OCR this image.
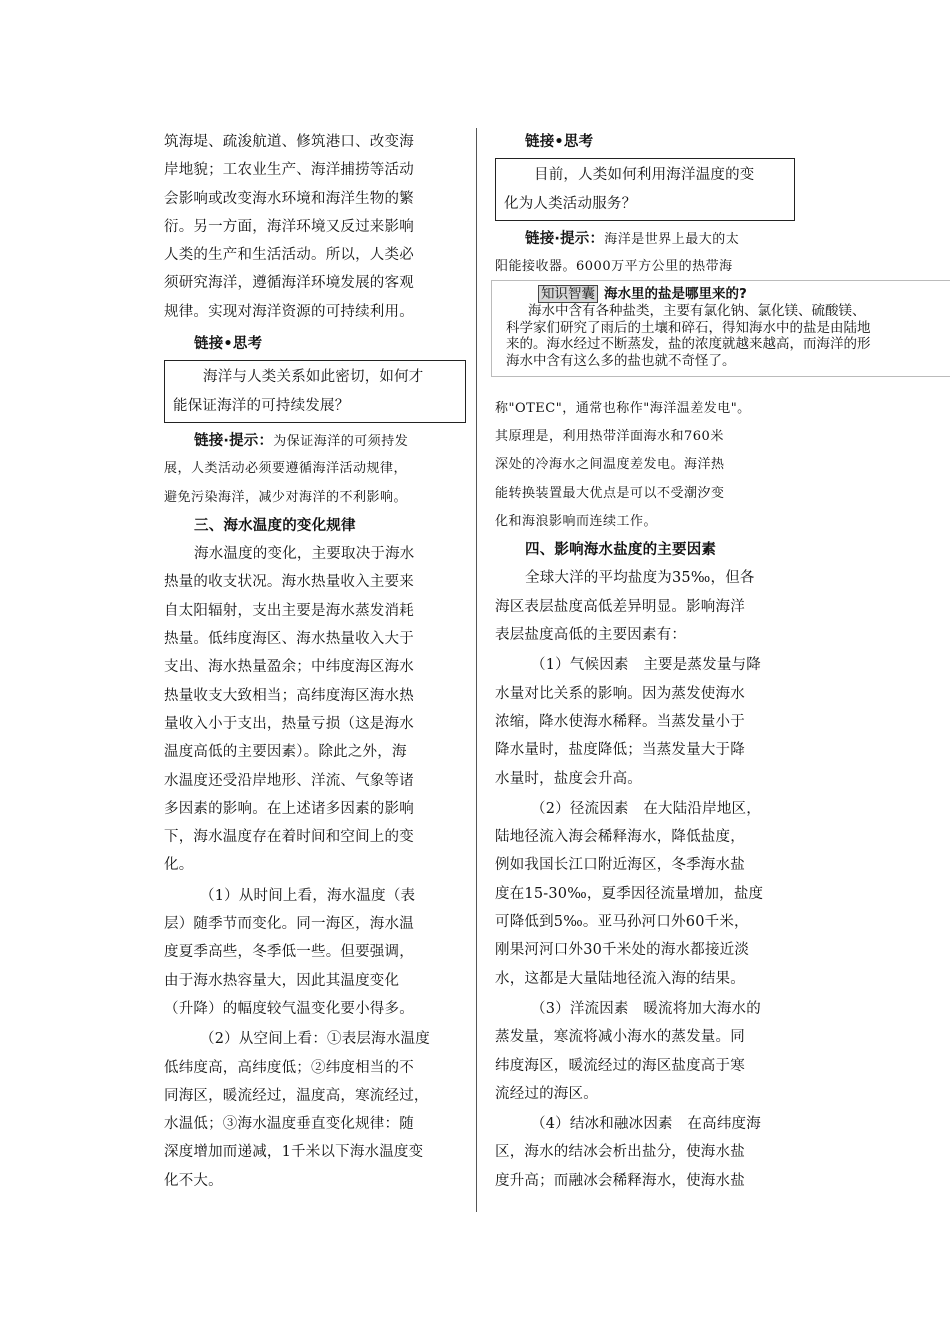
筑海堤、疏浚航道、修筑港口、改变海
岸地貌；工农业生产、海洋捕捞等活动
会影响或改变海水环境和海洋生物的繁
衍。另一方面，海洋环境又反过来影响
人类的生产和生活活动。所以，人类必
须研究海洋，遵循海洋环境发展的客观
规律。实现对海洋资源的可持续利用。
链接•思考
海洋与人类关系如此密切，如何才
能保证海洋的可持续发展？
链接·提示：为保证海洋的可须持发
展，人类活动必须要遵循海洋活动规律，
避免污染海洋，减少对海洋的不利影响。
三、海水温度的变化规律
海水温度的变化，主要取决于海水
热量的收支状况。海水热量收入主要来
自太阳辐射，支出主要是海水蒸发消耗
热量。低纬度海区、海水热量收入大于
支出、海水热量盈余；中纬度海区海水
热量收支大致相当；高纬度海区海水热
量收入小于支出，热量亏损（这是海水
温度高低的主要因素）。除此之外，海
水温度还受沿岸地形、洋流、气象等诸
多因素的影响。在上述诸多因素的影响
下，海水温度存在着时间和空间上的变
化。
（1）从时间上看，海水温度（表
层）随季节而变化。同一海区，海水温
度夏季高些，冬季低一些。但要强调，
由于海水热容量大，因此其温度变化
（升降）的幅度较气温变化要小得多。
（2）从空间上看：①表层海水温度
低纬度高，高纬度低；②纬度相当的不
同海区，暖流经过，温度高，寒流经过，
水温低；③海水温度垂直变化规律：随
深度增加而递减，1千米以下海水温度变
化不大。
链接•思考
目前，人类如何利用海洋温度的变
化为人类活动服务？
链接·提示：海洋是世界上最大的太
阳能接收器。6000万平方公里的热带海
称"OTEC"，通常也称作"海洋温差发电"。
其原理是，利用热带洋面海水和760米
深处的冷海水之间温度差发电。海洋热
能转换装置最大优点是可以不受潮汐变
化和海浪影响而连续工作。
四、影响海水盐度的主要因素
全球大洋的平均盐度为35‰，但各
海区表层盐度高低差异明显。影响海洋
表层盐度高低的主要因素有：
（1）气候因素　主要是蒸发量与降
水量对比关系的影响。因为蒸发使海水
浓缩，降水使海水稀释。当蒸发量小于
降水量时，盐度降低；当蒸发量大于降
水量时，盐度会升高。
（2）径流因素　在大陆沿岸地区，
陆地径流入海会稀释海水，降低盐度，
例如我国长江口附近海区，冬季海水盐
度在15-30‰，夏季因径流量增加，盐度
可降低到5‰。亚马孙河口外60千米，
刚果河河口外30千米处的海水都接近淡
水，这都是大量陆地径流入海的结果。
（3）洋流因素　暖流将加大海水的
蒸发量，寒流将减小海水的蒸发量。同
纬度海区，暖流经过的海区盐度高于寒
流经过的海区。
（4）结冰和融冰因素　在高纬度海
区，海水的结冰会析出盐分，使海水盐
度升高；而融冰会稀释海水，使海水盐
知识智囊 海水里的盐是哪里来的?
海水中含有各种盐类，主要有氯化钠、氯化镁、硫酸镁、
科学家们研究了雨后的土壤和碎石，得知海水中的盐是由陆地
来的。海水经过不断蒸发，盐的浓度就越来越高，而海洋的形
海水中含有这么多的盐也就不奇怪了。
